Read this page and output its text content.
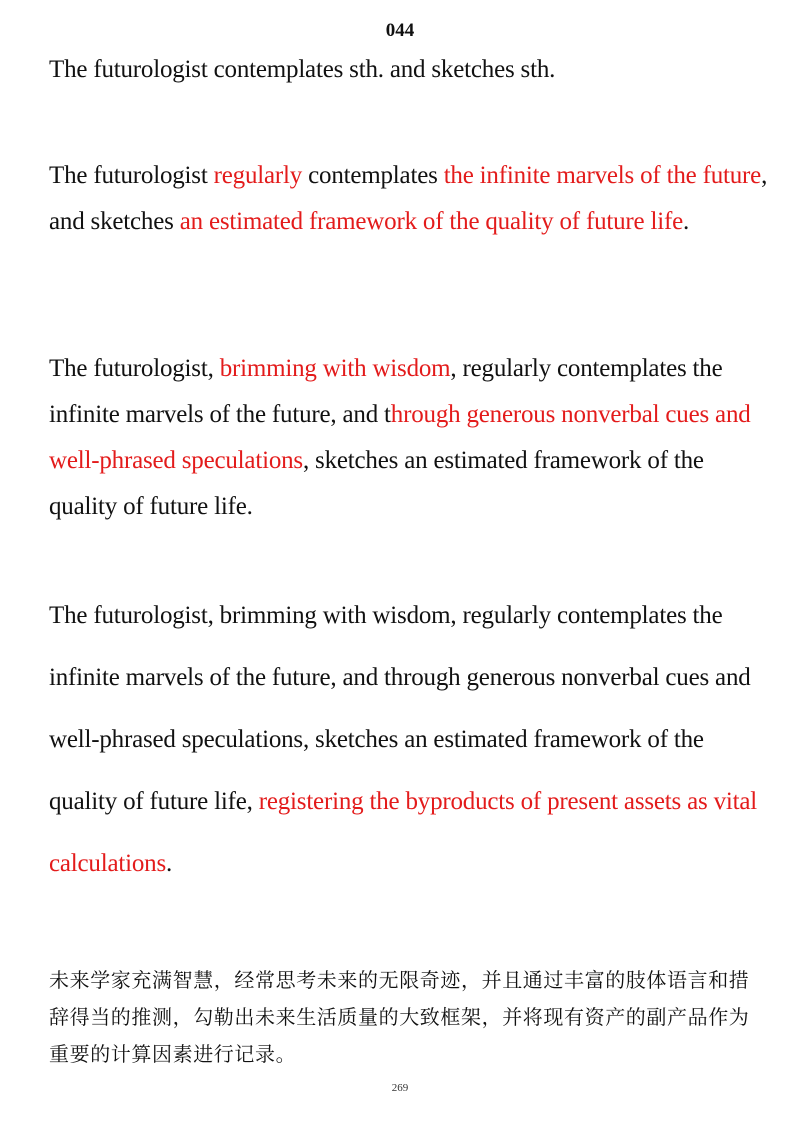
044

The futurologist contemplates sth. and sketches sth.

The futurologist regularly contemplates the infinite marvels of the future, and sketches an estimated framework of the quality of future life.

The futurologist, brimming with wisdom, regularly contemplates the infinite marvels of the future, and through generous nonverbal cues and well-phrased speculations, sketches an estimated framework of the quality of future life.

The futurologist, brimming with wisdom, regularly contemplates the infinite marvels of the future, and through generous nonverbal cues and well-phrased speculations, sketches an estimated framework of the quality of future life, registering the byproducts of present assets as vital calculations.

未来学家充满智慧，经常思考未来的无限奇迹，并且通过丰富的肢体语言和措辞得当的推测，勾勒出未来生活质量的大致框架，并将现有资产的副产品作为重要的计算因素进行记录。

269
